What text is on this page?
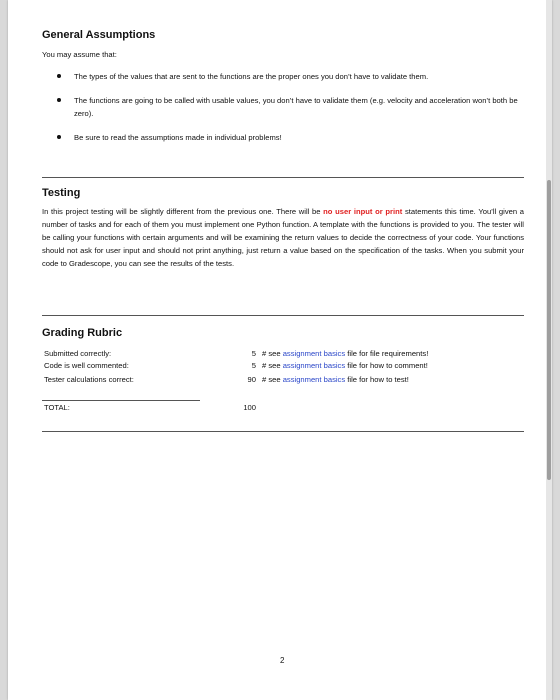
General Assumptions

You may assume that:

The types of the values that are sent to the functions are the proper ones you don’t have to validate them.
The functions are going to be called with usable values, you don’t have to validate them (e.g. velocity and acceleration won’t both be zero).
Be sure to read the assumptions made in individual problems!
Testing

In this project testing will be slightly different from the previous one. There will be no user input or print statements this time. You’ll given a number of tasks and for each of them you must implement one Python function. A template with the functions is provided to you. The tester will be calling your functions with certain arguments and will be examining the return values to decide the correctness of your code. Your functions should not ask for user input and should not print anything, just return a value based on the specification of the tasks. When you submit your code to Gradescope, you can see the results of the tests.

Grading Rubric
Submitted correctly:	5 # see assignment basics file for file requirements!
Code is well commented:	5 # see assignment basics file for how to comment!
Tester calculations correct:	90 # see assignment basics file for how to test!
TOTAL:	100
2
